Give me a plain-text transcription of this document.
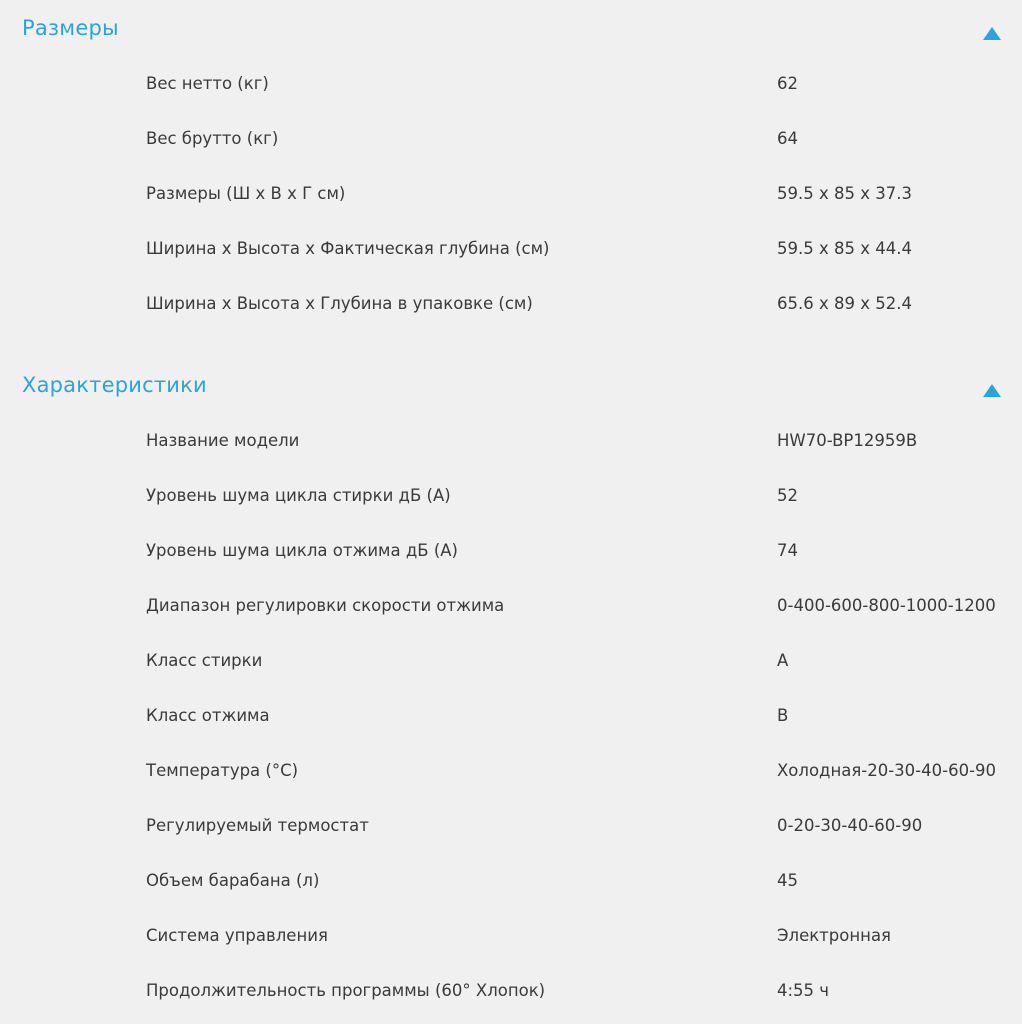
Размеры
Вес нетто (кг)	62
Вес брутто (кг)	64
Размеры (Ш х В х Г см)	59.5 x 85 x 37.3
Ширина х Высота х Фактическая глубина (см)	59.5 x 85 x 44.4
Ширина х Высота х Глубина в упаковке (см)	65.6 x 89 x 52.4
Характеристики
Название модели	HW70-BP12959B
Уровень шума цикла стирки дБ (А)	52
Уровень шума цикла отжима дБ (А)	74
Диапазон регулировки скорости отжима	0-400-600-800-1000-1200
Класс стирки	A
Класс отжима	B
Температура (°С)	Холодная-20-30-40-60-90
Регулируемый термостат	0-20-30-40-60-90
Объем барабана (л)	45
Система управления	Электронная
Продолжительность программы (60° Хлопок)	4:55 ч
